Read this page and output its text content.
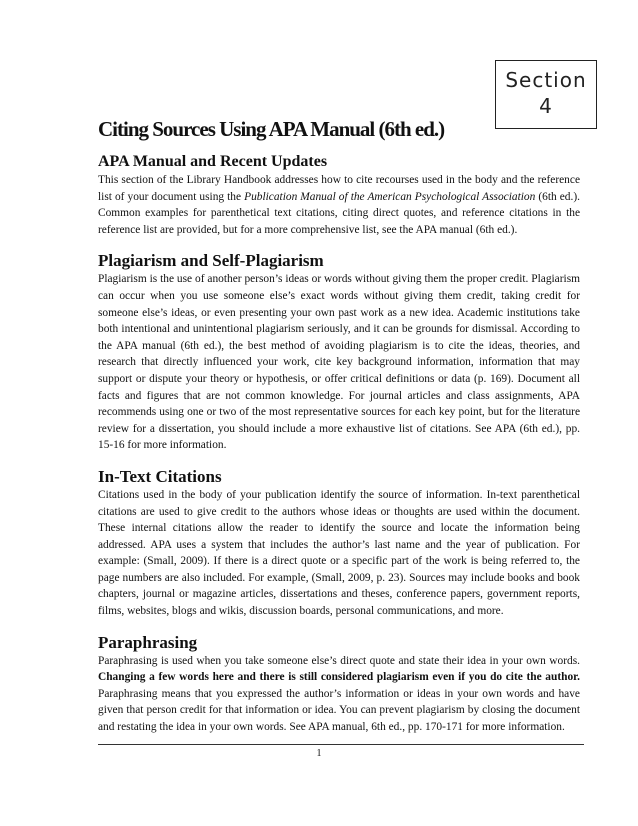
Section
4
Citing Sources Using APA Manual (6th ed.)
APA Manual and Recent Updates

This section of the Library Handbook addresses how to cite recourses used in the body and the reference list of your document using the Publication Manual of the American Psychological Association (6th ed.). Common examples for parenthetical text citations, citing direct quotes, and reference citations in the reference list are provided, but for a more comprehensive list, see the APA manual (6th ed.).

Plagiarism and Self-Plagiarism

Plagiarism is the use of another person’s ideas or words without giving them the proper credit. Plagiarism can occur when you use someone else’s exact words without giving them credit, taking credit for someone else’s ideas, or even presenting your own past work as a new idea. Academic institutions take both intentional and unintentional plagiarism seriously, and it can be grounds for dismissal. According to the APA manual (6th ed.), the best method of avoiding plagiarism is to cite the ideas, theories, and research that directly influenced your work, cite key background information, information that may support or dispute your theory or hypothesis, or offer critical definitions or data (p. 169). Document all facts and figures that are not common knowledge. For journal articles and class assignments, APA recommends using one or two of the most representative sources for each key point, but for the literature review for a dissertation, you should include a more exhaustive list of citations. See APA (6th ed.), pp. 15-16 for more information.

In-Text Citations

Citations used in the body of your publication identify the source of information. In-text parenthetical citations are used to give credit to the authors whose ideas or thoughts are used within the document. These internal citations allow the reader to identify the source and locate the information being addressed. APA uses a system that includes the author’s last name and the year of publication. For example: (Small, 2009). If there is a direct quote or a specific part of the work is being referred to, the page numbers are also included. For example, (Small, 2009, p. 23). Sources may include books and book chapters, journal or magazine articles, dissertations and theses, conference papers, government reports, films, websites, blogs and wikis, discussion boards, personal communications, and more.

Paraphrasing

Paraphrasing is used when you take someone else’s direct quote and state their idea in your own words. Changing a few words here and there is still considered plagiarism even if you do cite the author. Paraphrasing means that you expressed the author’s information or ideas in your own words and have given that person credit for that information or idea. You can prevent plagiarism by closing the document and restating the idea in your own words. See APA manual, 6th ed., pp. 170-171 for more information.

1
